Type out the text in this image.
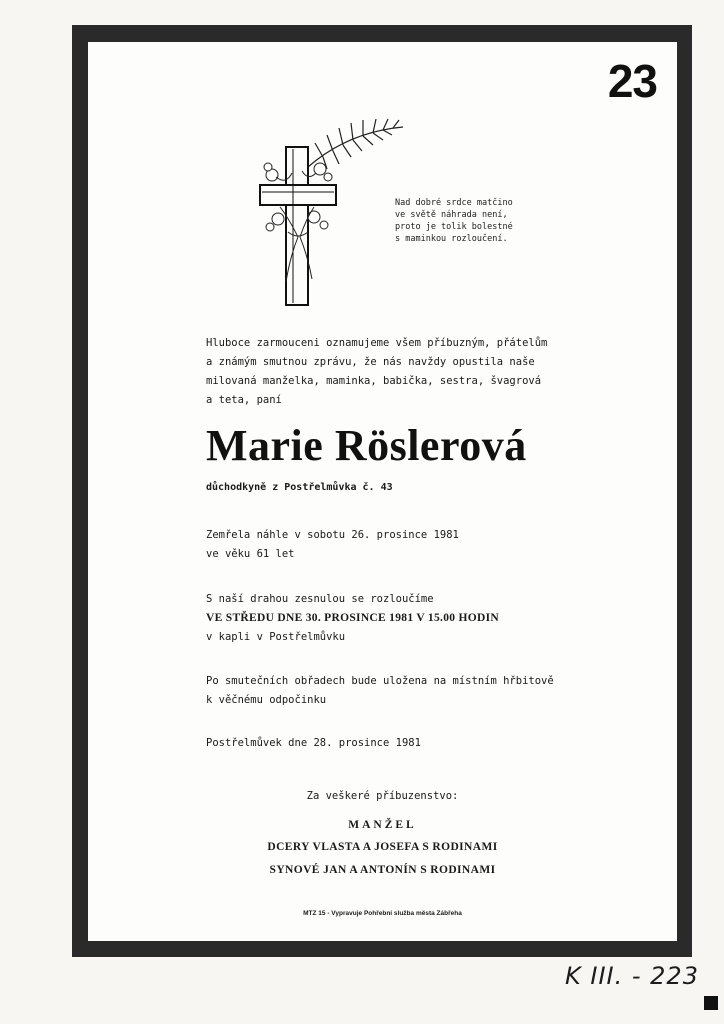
23
Nad dobré srdce matčino
ve světě náhrada není,
proto je tolik bolestné
s maminkou rozloučení.
Hluboce zarmouceni oznamujeme všem příbuzným, přátelům
a známým smutnou zprávu, že nás navždy opustila naše
milovaná manželka, maminka, babička, sestra, švagrová
a teta, paní
Marie Röslerová
důchodkyně z Postřelmůvka č. 43
Zemřela náhle v sobotu 26. prosince 1981
ve věku 61 let
S naší drahou zesnulou se rozloučíme
VE STŘEDU DNE 30. PROSINCE 1981 V 15.00 HODIN
v kapli v Postřelmůvku
Po smutečních obřadech bude uložena na místním hřbitově
k věčnému odpočinku
Postřelmůvek dne 28. prosince 1981
Za veškeré příbuzenstvo:
MANŽEL
DCERY VLASTA A JOSEFA S RODINAMI
SYNOVÉ JAN A ANTONÍN S RODINAMI
MTZ 15 - Vypravuje Pohřební služba města Zábřeha
K III. - 223
